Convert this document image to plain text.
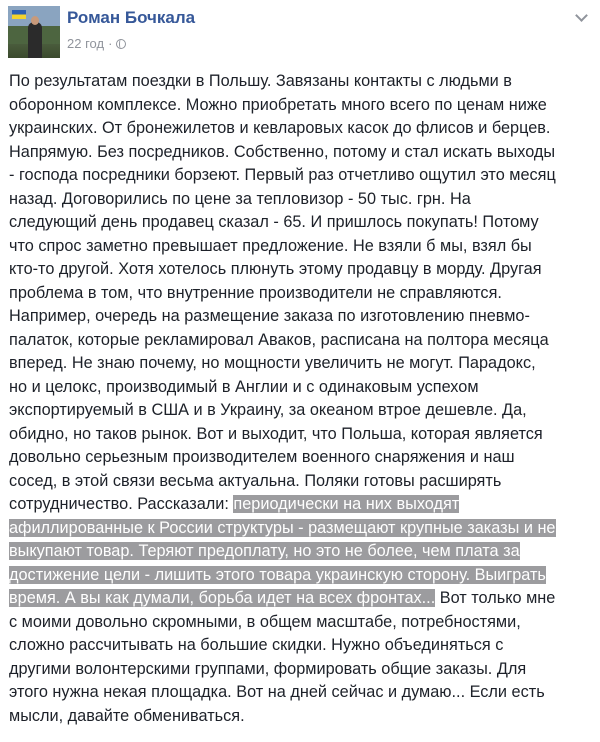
Роман Бочкала
22 год ·
По результатам поездки в Польшу. Завязаны контакты с людьми в
оборонном комплексе. Можно приобретать много всего по ценам ниже
украинских. От бронежилетов и кевларовых касок до флисов и берцев.
Напрямую. Без посредников. Собственно, потому и стал искать выходы
- господа посредники борзеют. Первый раз отчетливо ощутил это месяц
назад. Договорились по цене за тепловизор - 50 тыс. грн. На
следующий день продавец сказал - 65. И пришлось покупать! Потому
что спрос заметно превышает предложение. Не взяли б мы, взял бы
кто-то другой. Хотя хотелось плюнуть этому продавцу в морду. Другая
проблема в том, что внутренние производители не справляются.
Например, очередь на размещение заказа по изготовлению пневмо-
палаток, которые рекламировал Аваков, расписана на полтора месяца
вперед. Не знаю почему, но мощности увеличить не могут. Парадокс,
но и целокс, производимый в Англии и с одинаковым успехом
экспортируемый в США и в Украину, за океаном втрое дешевле. Да,
обидно, но таков рынок. Вот и выходит, что Польша, которая является
довольно серьезным производителем военного снаряжения и наш
сосед, в этой связи весьма актуальна. Поляки готовы расширять
сотрудничество. Рассказали: периодически на них выходят
афиллированные к России структуры - размещают крупные заказы и не
выкупают товар. Теряют предоплату, но это не более, чем плата за
достижение цели - лишить этого товара украинскую сторону. Выиграть
время. А вы как думали, борьба идет на всех фронтах... Вот только мне
с моими довольно скромными, в общем масштабе, потребностями,
сложно рассчитывать на большие скидки. Нужно объединяться с
другими волонтерскими группами, формировать общие заказы. Для
этого нужна некая площадка. Вот на дней сейчас и думаю... Если есть
мысли, давайте обмениваться.
